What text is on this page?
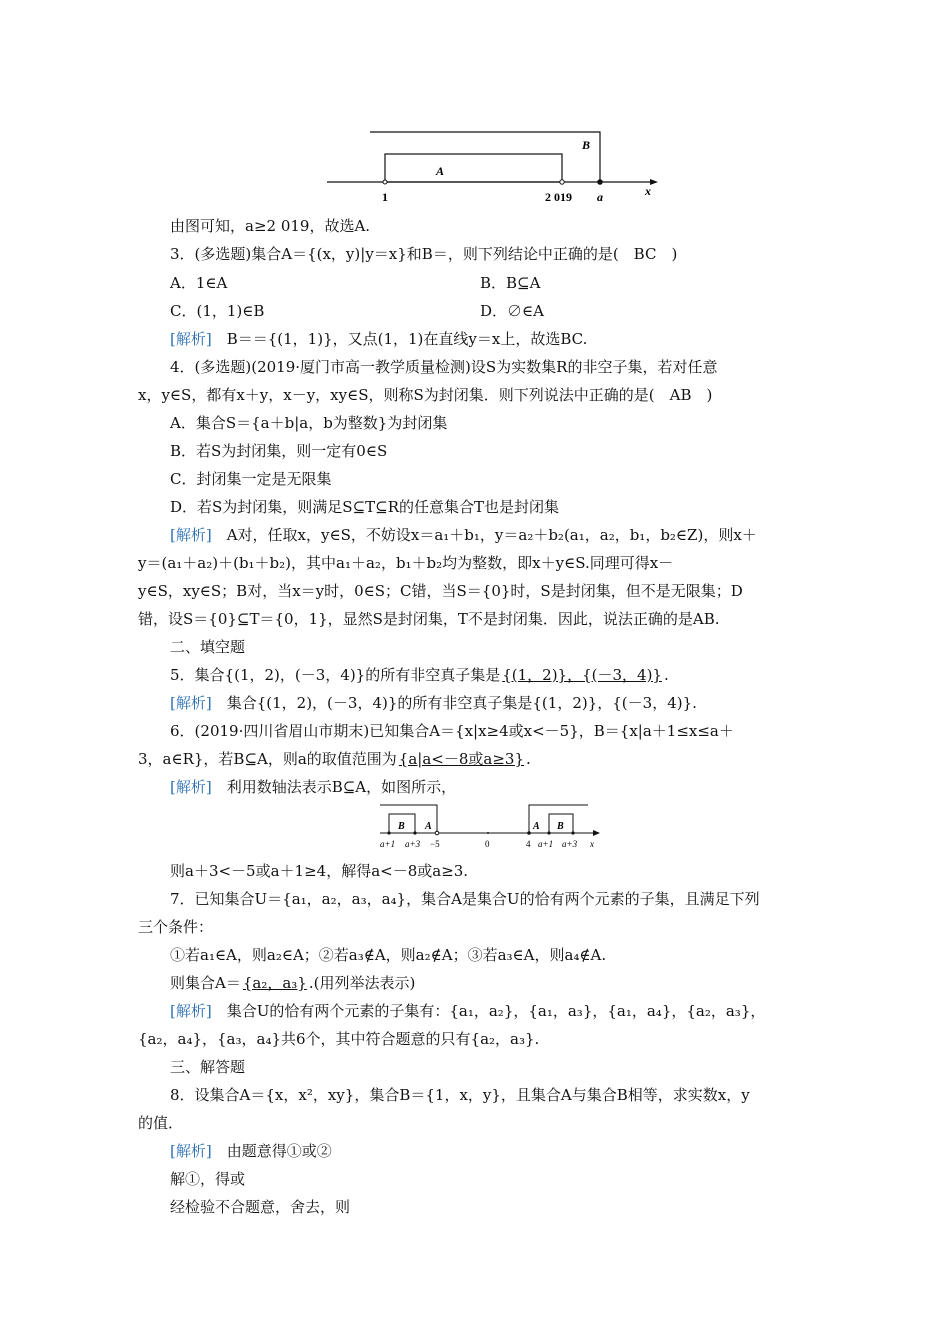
B
A
1	2 019 a	x
由图可知，a≥2 019，故选A.
3．(多选题)集合A＝{(x，y)|y＝x}和B＝，则下列结论中正确的是(　BC　)
A．1∈A	B．B⊆A
C．(1，1)∈B	D．∅∈A
[解析]　B＝＝{(1，1)}，又点(1，1)在直线y＝x上，故选BC.
4．(多选题)(2019·厦门市高一教学质量检测)设S为实数集R的非空子集，若对任意
x，y∈S，都有x＋y，x－y，xy∈S，则称S为封闭集．则下列说法中正确的是(　AB　)
A．集合S＝{a＋b|a，b为整数}为封闭集
B．若S为封闭集，则一定有0∈S
C．封闭集一定是无限集
D．若S为封闭集，则满足S⊆T⊆R的任意集合T也是封闭集
[解析]　A对，任取x，y∈S，不妨设x＝a₁＋b₁，y＝a₂＋b₂(a₁，a₂，b₁，b₂∈Z)，则x＋
y＝(a₁＋a₂)＋(b₁＋b₂)，其中a₁＋a₂，b₁＋b₂均为整数，即x＋y∈S.同理可得x－
y∈S，xy∈S；B对，当x＝y时，0∈S；C错，当S＝{0}时，S是封闭集，但不是无限集；D
错，设S＝{0}⊆T＝{0，1}，显然S是封闭集，T不是封闭集．因此，说法正确的是AB.
二、填空题
5．集合{(1，2)，(－3，4)}的所有非空真子集是 {(1，2)}，{(－3，4)} .
[解析]　集合{(1，2)，(－3，4)}的所有非空真子集是{(1，2)}，{(－3，4)}.
6．(2019·四川省眉山市期末)已知集合A＝{x|x≥4或x<－5}，B＝{x|a＋1≤x≤a＋
3，a∈R}，若B⊆A，则a的取值范围为 {a|a<－8或a≥3} .
[解析]　利用数轴法表示B⊆A，如图所示，
B A	A B
a+1 a+3 −5	0	4 a+1 a+3 x
则a＋3<－5或a＋1≥4，解得a<－8或a≥3.
7．已知集合U＝{a₁，a₂，a₃，a₄}，集合A是集合U的恰有两个元素的子集，且满足下列
三个条件：
①若a₁∈A，则a₂∈A；②若a₃∉A，则a₂∉A；③若a₃∈A，则a₄∉A.
则集合A＝ {a₂，a₃} .(用列举法表示)
[解析]　集合U的恰有两个元素的子集有：{a₁，a₂}，{a₁，a₃}，{a₁，a₄}，{a₂，a₃}，
{a₂，a₄}，{a₃，a₄}共6个，其中符合题意的只有{a₂，a₃}.
三、解答题
8．设集合A＝{x，x²，xy}，集合B＝{1，x，y}，且集合A与集合B相等，求实数x，y
的值．
[解析]　由题意得①或②
解①，得或
经检验不合题意，舍去，则
